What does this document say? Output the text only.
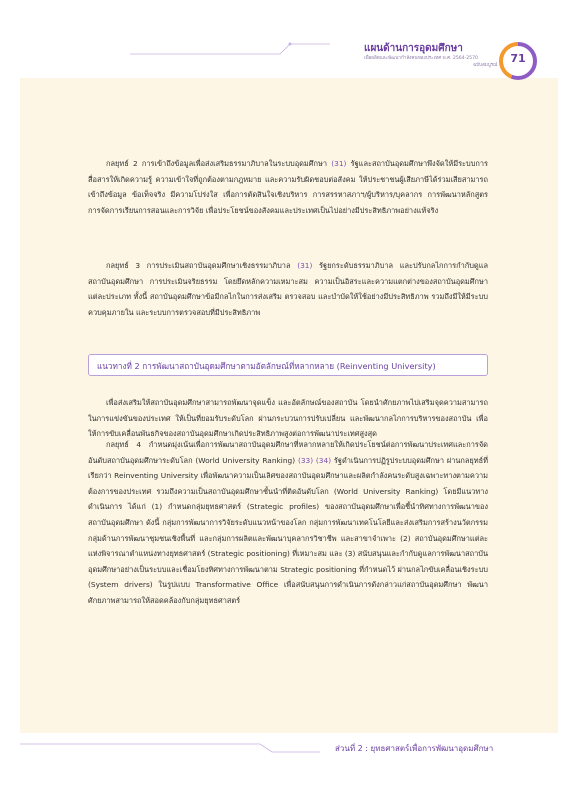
แผนด้านการอุดมศึกษา
เพื่อผลิตและพัฒนากำลังคนของประเทศ พ.ศ. 2564-2570
ฉบับสมบูรณ์
71
กลยุทธ์ 2 การเข้าถึงข้อมูลเพื่อส่งเสริมธรรมาภิบาลในระบบอุดมศึกษา (31) รัฐและสถาบันอุดมศึกษาพึงจัดให้มีระบบการสื่อสารให้เกิดความรู้ ความเข้าใจที่ถูกต้องตามกฎหมาย และความรับผิดชอบต่อสังคม ให้ประชาชนผู้เสียภาษีได้ร่วมเสียสามารถเข้าถึงข้อมูล ข้อเท็จจริง มีความโปร่งใส เพื่อการตัดสินใจเชิงบริหาร การสรรหาสภาฯ/ผู้บริหาร/บุคลากร การพัฒนาหลักสูตร การจัดการเรียนการสอนและการวิจัย เพื่อประโยชน์ของสังคมและประเทศเป็นไปอย่างมีประสิทธิภาพอย่างแท้จริง
กลยุทธ์ 3 การประเมินสถาบันอุดมศึกษาเชิงธรรมาภิบาล (31) รัฐยกระดับธรรมาภิบาล และปรับกลไกการกำกับดูแลสถาบันอุดมศึกษา การประเมินจริยธรรม โดยยึดหลักความเหมาะสม ความเป็นอิสระและความแตกต่างของสถาบันอุดมศึกษาแต่ละประเภท ทั้งนี้ สถาบันอุดมศึกษาข้อมีกลไกในการส่งเสริม ตรวจสอบ และบำบัดให้ใช้อย่างมีประสิทธิภาพ รวมถึงมีให้มีระบบควบคุมภายใน และระบบการตรวจสอบที่มีประสิทธิภาพ
แนวทางที่ 2 การพัฒนาสถาบันอุดมศึกษาตามอัตลักษณ์ที่หลากหลาย (Reinventing University)
เพื่อส่งเสริมให้สถาบันอุดมศึกษาสามารถพัฒนาจุดแข็ง และอัตลักษณ์ของสถาบัน โดยนำศักยภาพไปเสริมจุดความสามารถในการแข่งขันของประเทศ ให้เป็นที่ยอมรับระดับโลก ผ่านกระบวนการปรับเปลี่ยน และพัฒนากลไกการบริหารของสถาบัน เพื่อให้การขับเคลื่อนพันธกิจของสถาบันอุดมศึกษาเกิดประสิทธิภาพสูงต่อการพัฒนาประเทศสูงสุด
กลยุทธ์ 4 กำหนดมุ่งเน้นเพื่อการพัฒนาสถาบันอุดมศึกษาที่หลากหลายให้เกิดประโยชน์ต่อการพัฒนาประเทศและการจัดอันดับสถาบันอุดมศึกษาระดับโลก (World University Ranking) (33) (34) รัฐดำเนินการปฏิรูประบบอุดมศึกษา ผ่านกลยุทธ์ที่เรียกว่า Reinventing University เพื่อพัฒนาความเป็นเลิศของสถาบันอุดมศึกษาและผลิตกำลังคนระดับสูงเฉพาะทางตามความต้องการของประเทศ รวมถึงความเป็นสถาบันอุดมศึกษาชั้นนำที่ติดอันดับโลก (World University Ranking) โดยมีแนวทางดำเนินการ ได้แก่ (1) กำหนดกลุ่มยุทธศาสตร์ (Strategic profiles) ของสถาบันอุดมศึกษาเพื่อชี้นำทิศทางการพัฒนาของสถาบันอุดมศึกษา ดังนี้ กลุ่มการพัฒนาการวิจัยระดับแนวหน้าของโลก กลุ่มการพัฒนาเทคโนโลยีและส่งเสริมการสร้างนวัตกรรม กลุ่มด้านการพัฒนาชุมชนเชิงพื้นที่ และกลุ่มการผลิตและพัฒนาบุคลากรวิชาชีพ และสาขาจำเพาะ (2) สถาบันอุดมศึกษาแต่ละแห่งพิจารณาตำแหน่งทางยุทธศาสตร์ (Strategic positioning) ที่เหมาะสม และ (3) สนับสนุนและกำกับดูแลการพัฒนาสถาบันอุดมศึกษาอย่างเป็นระบบและเชื่อมโยงทิศทางการพัฒนาตาม Strategic positioning ที่กำหนดไว้ ผ่านกลไกขับเคลื่อนเชิงระบบ (System drivers) ในรูปแบบ Transformative Office เพื่อสนับสนุนการดำเนินการดังกล่าวแก่สถาบันอุดมศึกษา พัฒนาศักยภาพสามารถให้สอดคล้องกับกลุ่มยุทธศาสตร์
ส่วนที่ 2 : ยุทธศาสตร์เพื่อการพัฒนาอุดมศึกษา
